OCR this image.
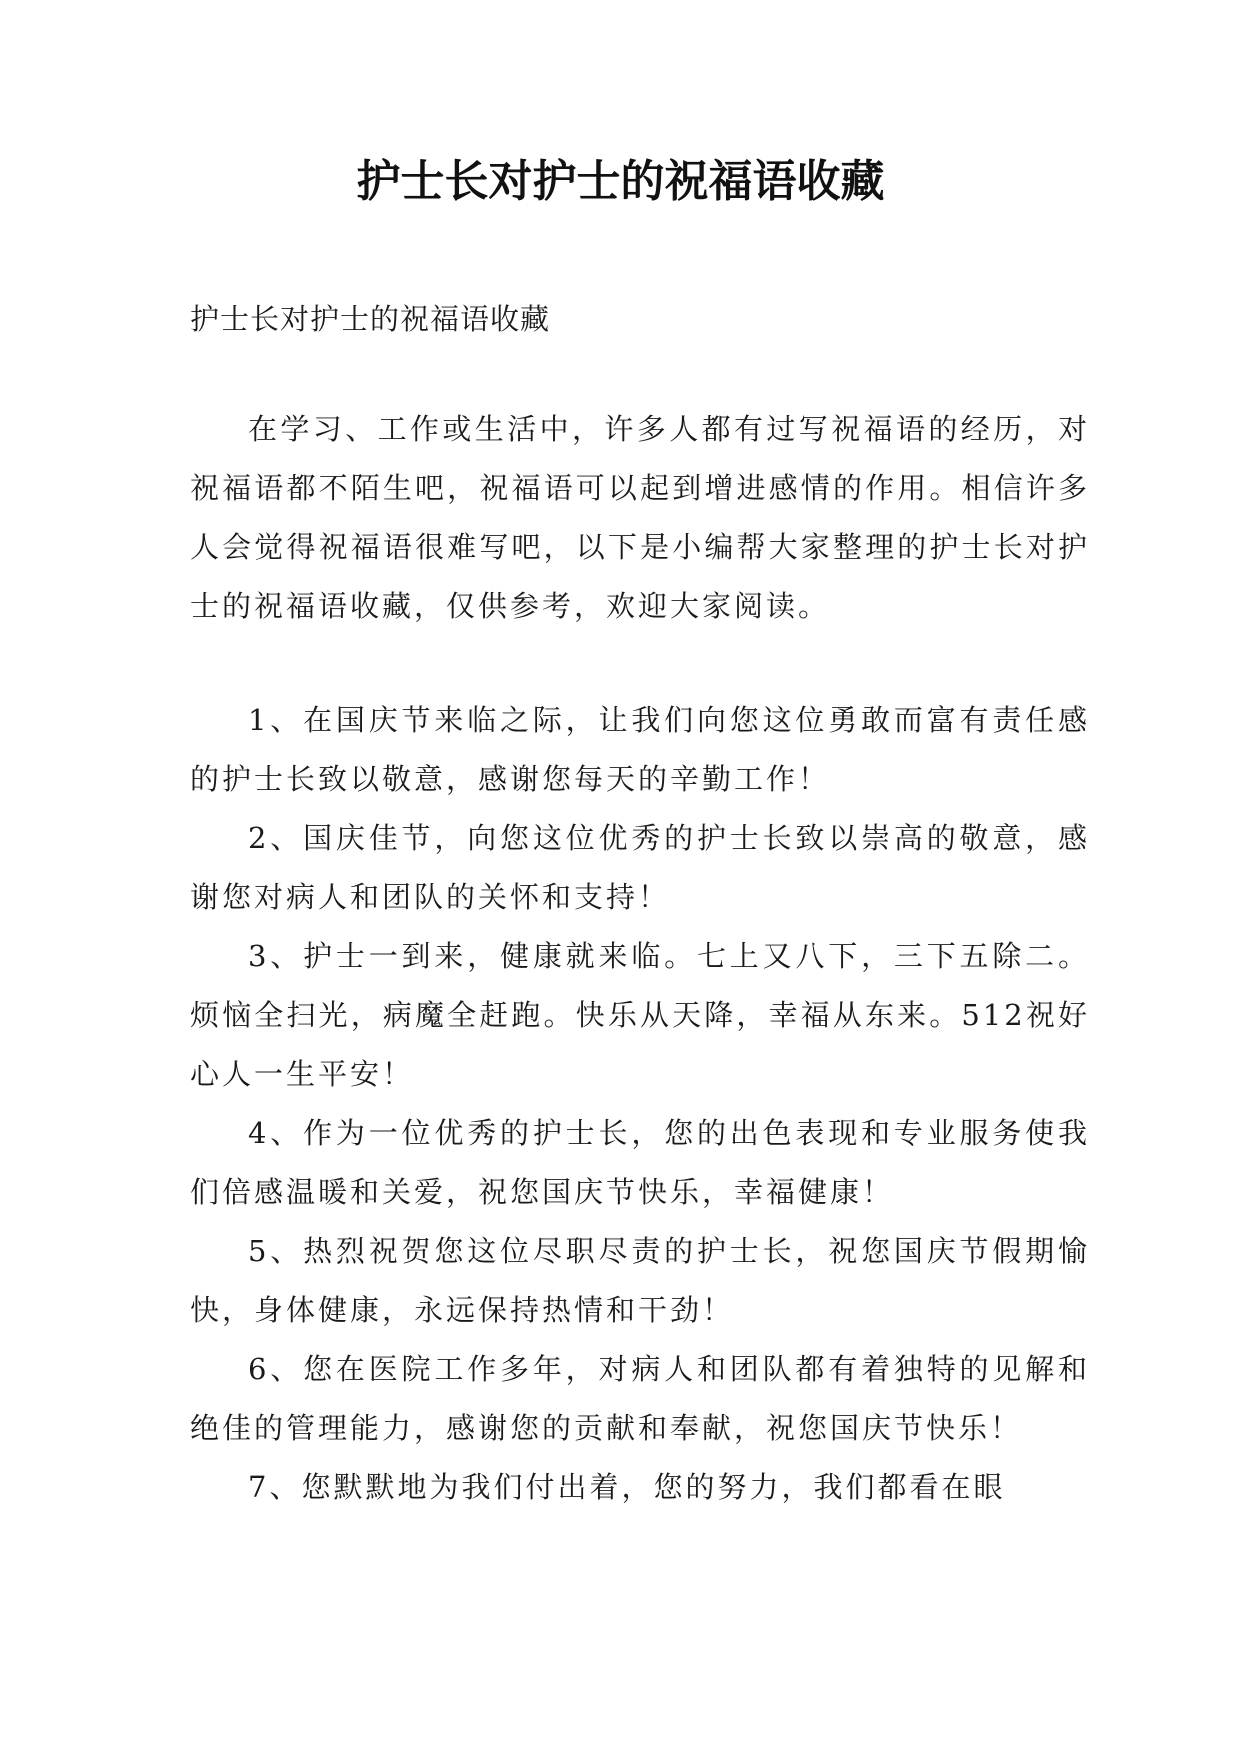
护士长对护士的祝福语收藏

护士长对护士的祝福语收藏

在学习、工作或生活中，许多人都有过写祝福语的经历，对祝福语都不陌生吧，祝福语可以起到增进感情的作用。相信许多人会觉得祝福语很难写吧，以下是小编帮大家整理的护士长对护士的祝福语收藏，仅供参考，欢迎大家阅读。

1、在国庆节来临之际，让我们向您这位勇敢而富有责任感的护士长致以敬意，感谢您每天的辛勤工作！

2、国庆佳节，向您这位优秀的护士长致以崇高的敬意，感谢您对病人和团队的关怀和支持！

3、护士一到来，健康就来临。七上又八下，三下五除二。烦恼全扫光，病魔全赶跑。快乐从天降，幸福从东来。512祝好心人一生平安！

4、作为一位优秀的护士长，您的出色表现和专业服务使我们倍感温暖和关爱，祝您国庆节快乐，幸福健康！

5、热烈祝贺您这位尽职尽责的护士长，祝您国庆节假期愉快，身体健康，永远保持热情和干劲！

6、您在医院工作多年，对病人和团队都有着独特的见解和绝佳的管理能力，感谢您的贡献和奉献，祝您国庆节快乐！

7、您默默地为我们付出着，您的努力，我们都看在眼
